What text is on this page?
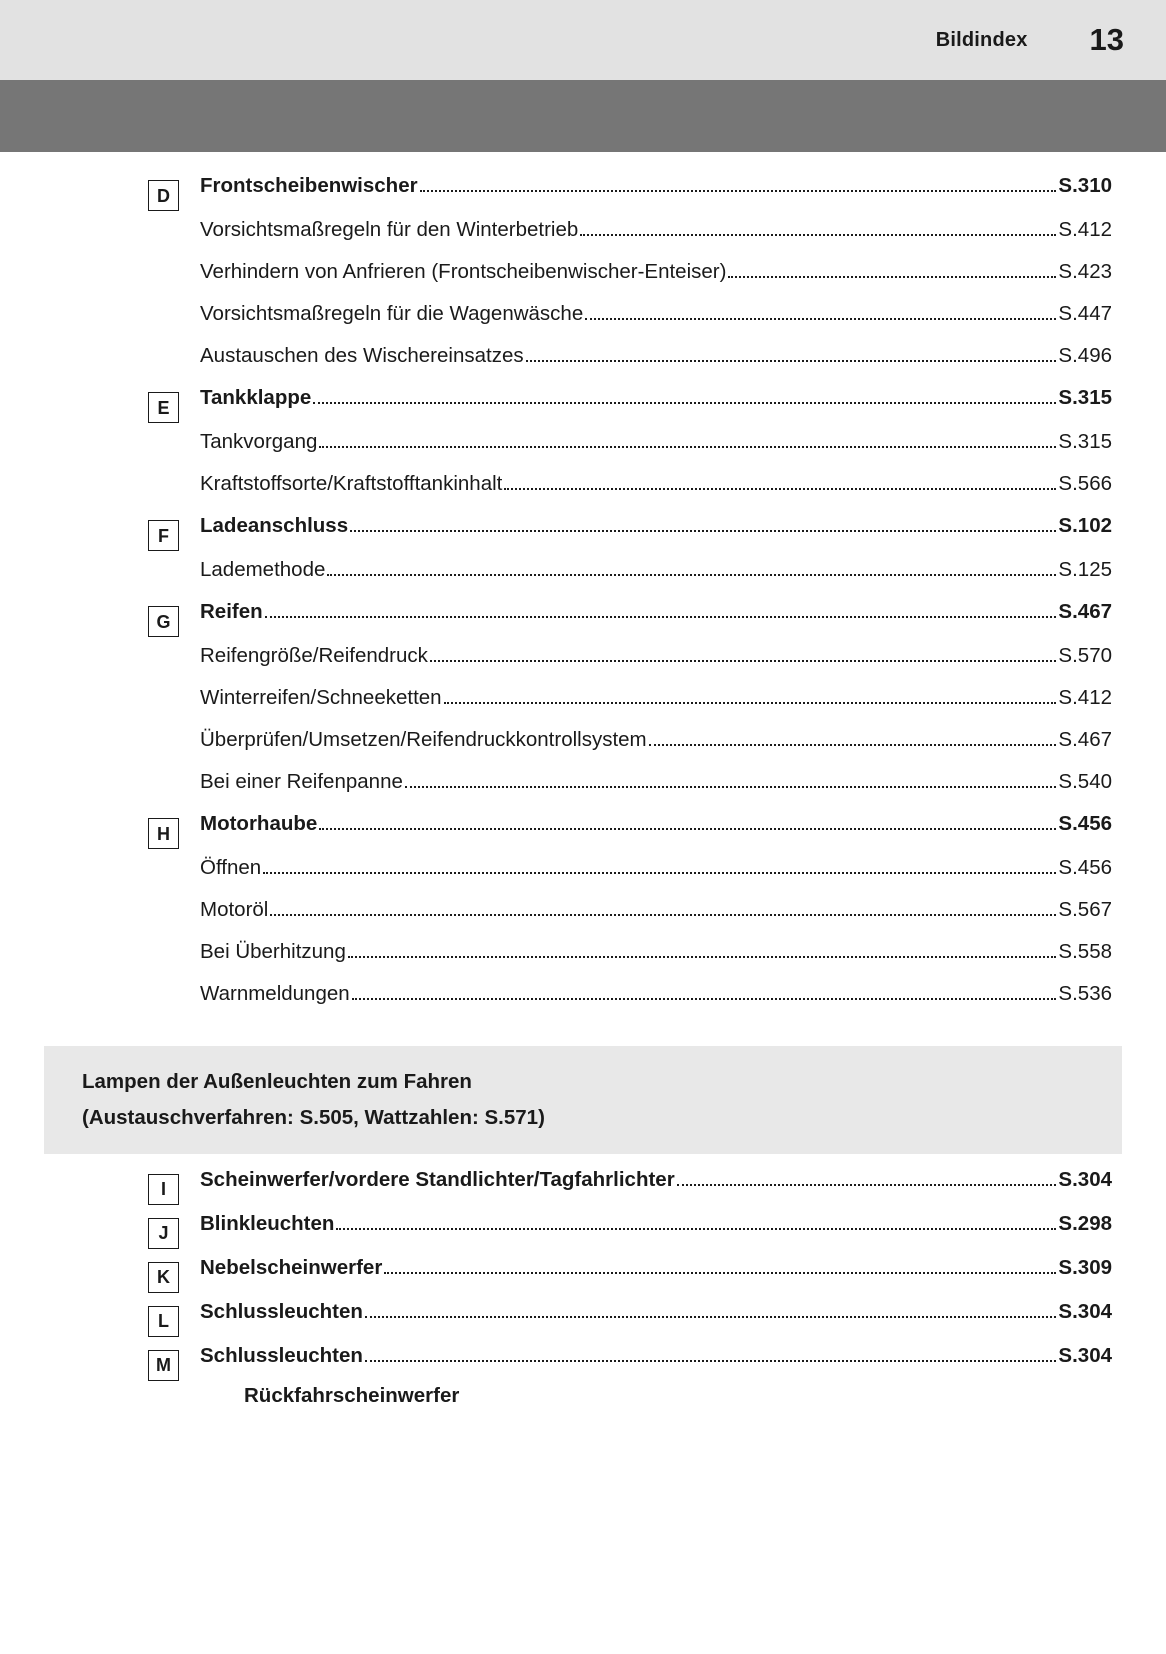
Bildindex 13
D	Frontscheibenwischer	S.310
Vorsichtsmaßregeln für den Winterbetrieb	S.412
Verhindern von Anfrieren (Frontscheibenwischer-Enteiser)	S.423
Vorsichtsmaßregeln für die Wagenwäsche	S.447
Austauschen des Wischereinsatzes	S.496
E	Tankklappe	S.315
Tankvorgang	S.315
Kraftstoffsorte/Kraftstofftankinhalt	S.566
F	Ladeanschluss	S.102
Lademethode	S.125
G	Reifen	S.467
Reifengröße/Reifendruck	S.570
Winterreifen/Schneeketten	S.412
Überprüfen/Umsetzen/Reifendruckkontrollsystem	S.467
Bei einer Reifenpanne	S.540
H	Motorhaube	S.456
Öffnen	S.456
Motoröl	S.567
Bei Überhitzung	S.558
Warnmeldungen	S.536
Lampen der Außenleuchten zum Fahren
(Austauschverfahren: S.505, Wattzahlen: S.571)
I	Scheinwerfer/vordere Standlichter/Tagfahrlichter	S.304
J	Blinkleuchten	S.298
K	Nebelscheinwerfer	S.309
L	Schlussleuchten	S.304
M	Schlussleuchten	S.304
Rückfahrscheinwerfer
